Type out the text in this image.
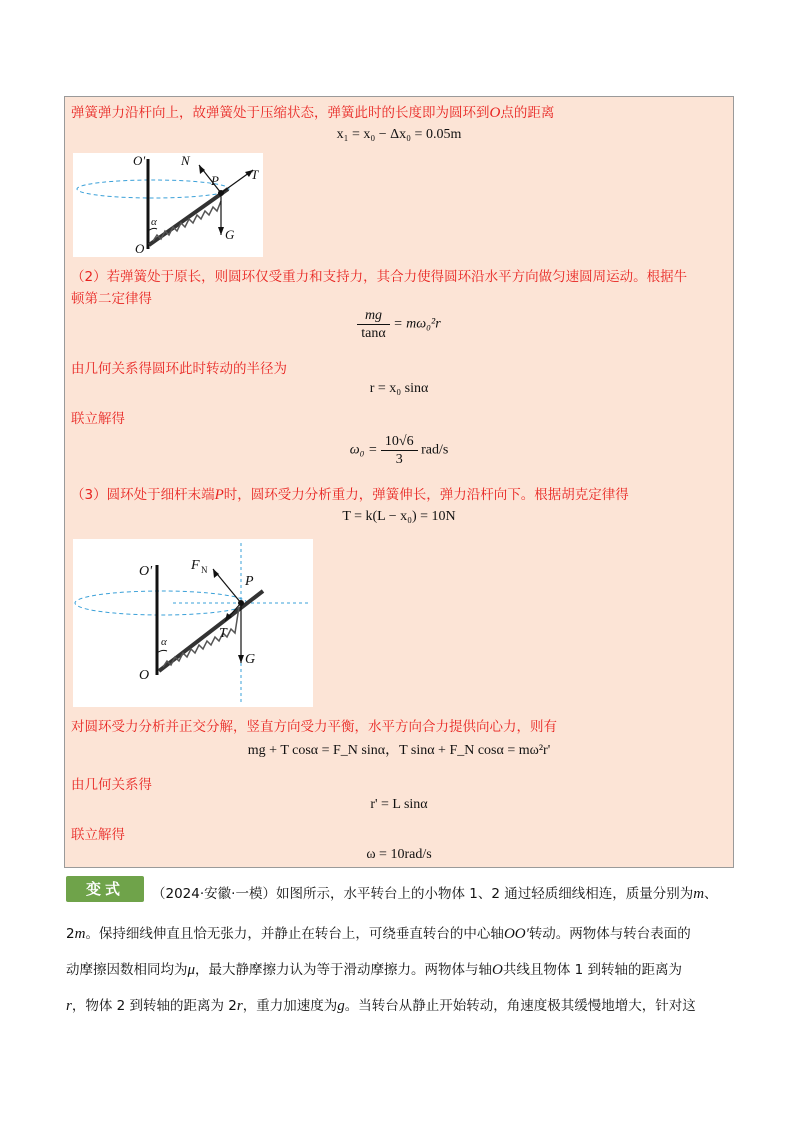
弹簧弹力沿杆向上，故弹簧处于压缩状态，弹簧此时的长度即为圆环到O点的距离
x₁ = x₀ − Δx₀ = 0.05m
O'	N
P T
α
G
O
（2）若弹簧处于原长，则圆环仅受重力和支持力，其合力使得圆环沿水平方向做匀速圆周运动。根据牛
顿第二定律得
$\frac{mg}{\tan\alpha} = m\omega_0^2r$
由几何关系得圆环此时转动的半径为
r = x₀ sinα
联立解得
$\omega_0 = \frac{10√6}{3} rad/s$
（3）圆环处于细杆末端P时，圆环受力分析重力，弹簧伸长，弹力沿杆向下。根据胡克定律得
T = k(L − x₀) = 10N
O'	F N
P
α
T
G
O
对圆环受力分析并正交分解，竖直方向受力平衡，水平方向合力提供向心力，则有
mg + T cosα = F_N sinα，T sinα + F_N cosα = mω²r'
由几何关系得
r' = L sinα
联立解得
ω = 10rad/s
变式	（2024·安徽·一模）如图所示，水平转台上的小物体 1、2 通过轻质细线相连，质量分别为m、
2m。保持细线伸直且恰无张力，并静止在转台上，可绕垂直转台的中心轴OO'转动。两物体与转台表面的
动摩擦因数相同均为μ，最大静摩擦力认为等于滑动摩擦力。两物体与轴O共线且物体 1 到转轴的距离为
r，物体 2 到转轴的距离为 2r，重力加速度为g。当转台从静止开始转动，角速度极其缓慢地增大，针对这
